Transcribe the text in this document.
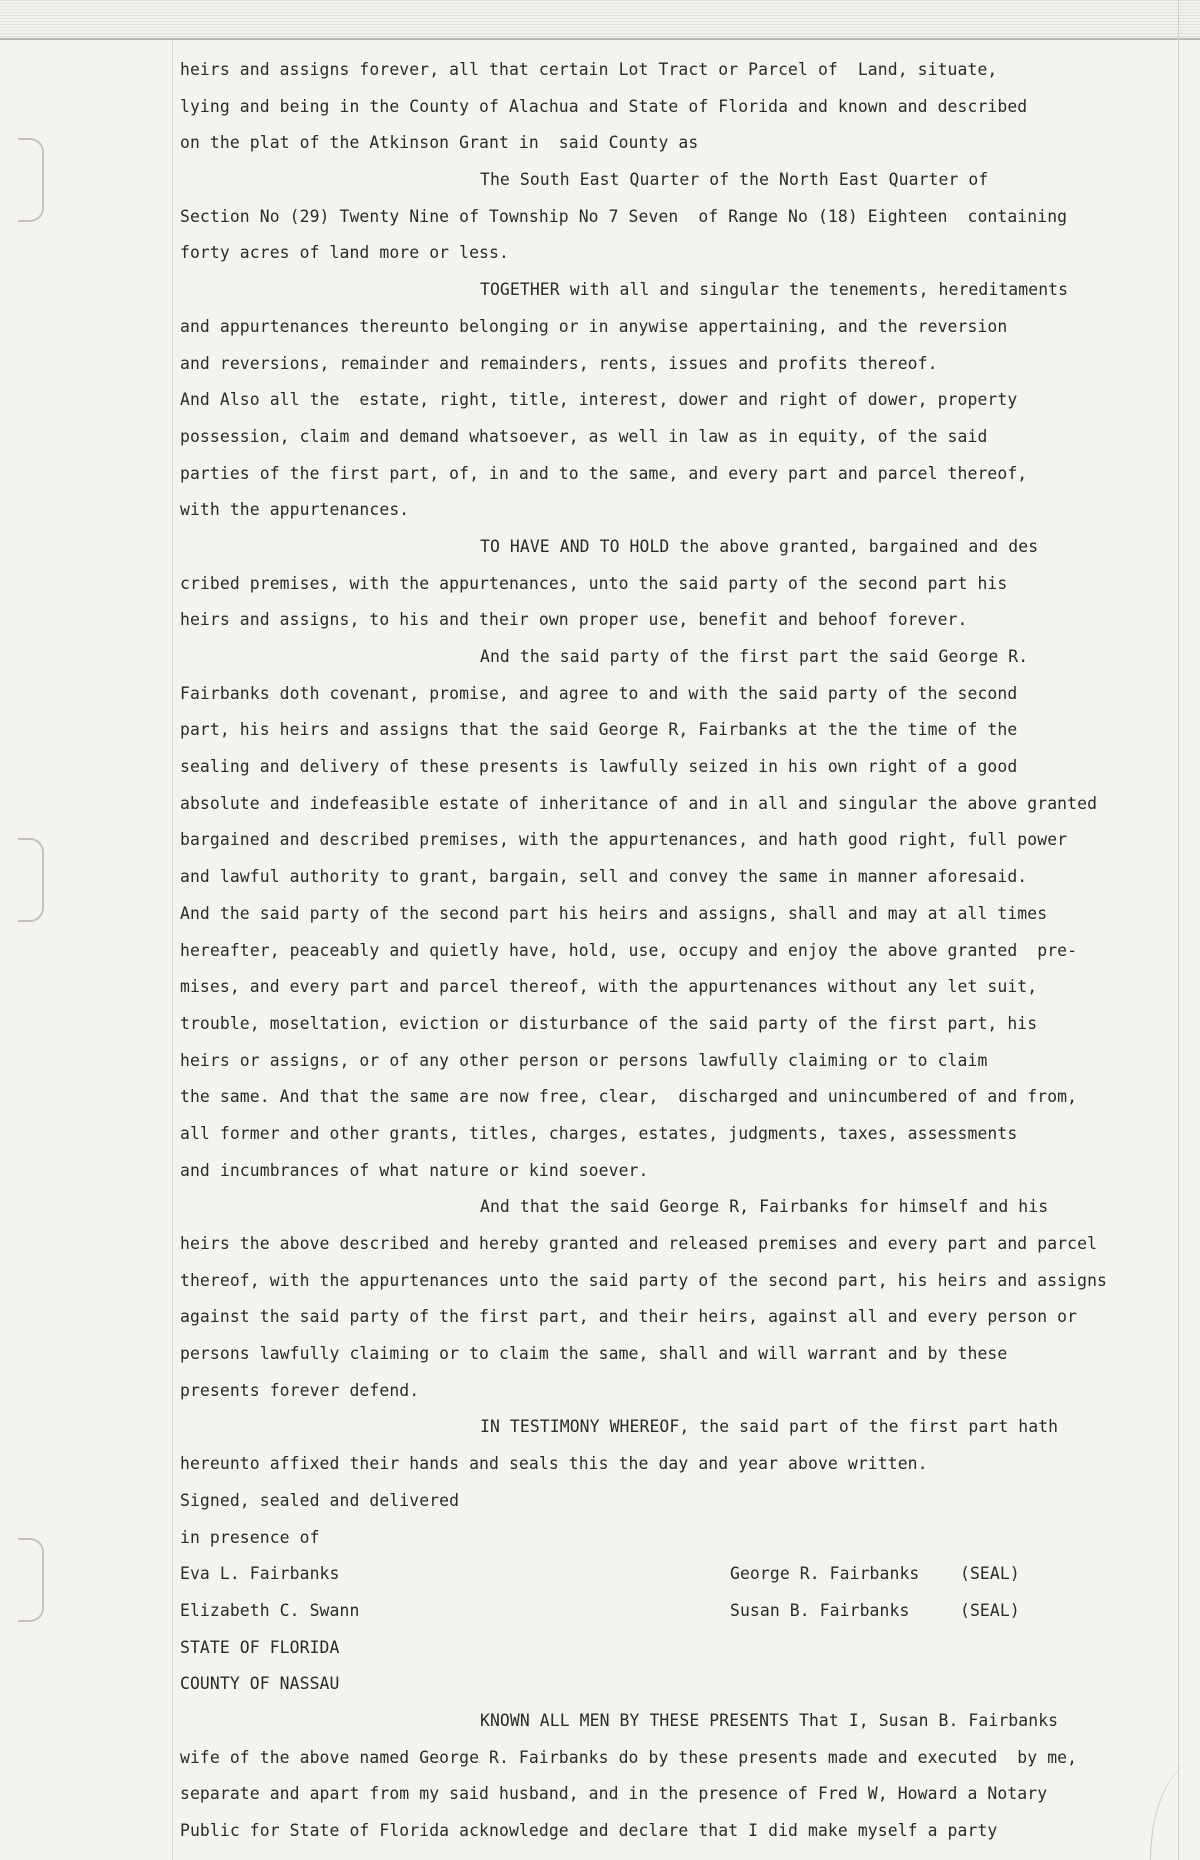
heirs and assigns forever, all that certain Lot Tract or Parcel of  Land, situate,
lying and being in the County of Alachua and State of Florida and known and described
on the plat of the Atkinson Grant in  said County as
The South East Quarter of the North East Quarter of
Section No (29) Twenty Nine of Township No 7 Seven  of Range No (18) Eighteen  containing
forty acres of land more or less.
TOGETHER with all and singular the tenements, hereditaments
and appurtenances thereunto belonging or in anywise appertaining, and the reversion
and reversions, remainder and remainders, rents, issues and profits thereof.
And Also all the  estate, right, title, interest, dower and right of dower, property
possession, claim and demand whatsoever, as well in law as in equity, of the said
parties of the first part, of, in and to the same, and every part and parcel thereof,
with the appurtenances.
TO HAVE AND TO HOLD the above granted, bargained and des
cribed premises, with the appurtenances, unto the said party of the second part his
heirs and assigns, to his and their own proper use, benefit and behoof forever.
And the said party of the first part the said George R.
Fairbanks doth covenant, promise, and agree to and with the said party of the second
part, his heirs and assigns that the said George R, Fairbanks at the the time of the
sealing and delivery of these presents is lawfully seized in his own right of a good
absolute and indefeasible estate of inheritance of and in all and singular the above granted
bargained and described premises, with the appurtenances, and hath good right, full power
and lawful authority to grant, bargain, sell and convey the same in manner aforesaid.
And the said party of the second part his heirs and assigns, shall and may at all times
hereafter, peaceably and quietly have, hold, use, occupy and enjoy the above granted  pre-
mises, and every part and parcel thereof, with the appurtenances without any let suit,
trouble, moseltation, eviction or disturbance of the said party of the first part, his
heirs or assigns, or of any other person or persons lawfully claiming or to claim
the same. And that the same are now free, clear,  discharged and unincumbered of and from,
all former and other grants, titles, charges, estates, judgments, taxes, assessments
and incumbrances of what nature or kind soever.
And that the said George R, Fairbanks for himself and his
heirs the above described and hereby granted and released premises and every part and parcel
thereof, with the appurtenances unto the said party of the second part, his heirs and assigns
against the said party of the first part, and their heirs, against all and every person or
persons lawfully claiming or to claim the same, shall and will warrant and by these
presents forever defend.
IN TESTIMONY WHEREOF, the said part of the first part hath
hereunto affixed their hands and seals this the day and year above written.
Signed, sealed and delivered
in presence of
Eva L. Fairbanks	George R. Fairbanks	(SEAL)
Elizabeth C. Swann	Susan B. Fairbanks	(SEAL)
STATE OF FLORIDA
COUNTY OF NASSAU
KNOWN ALL MEN BY THESE PRESENTS That I, Susan B. Fairbanks
wife of the above named George R. Fairbanks do by these presents made and executed  by me,
separate and apart from my said husband, and in the presence of Fred W, Howard a Notary
Public for State of Florida acknowledge and declare that I did make myself a party
